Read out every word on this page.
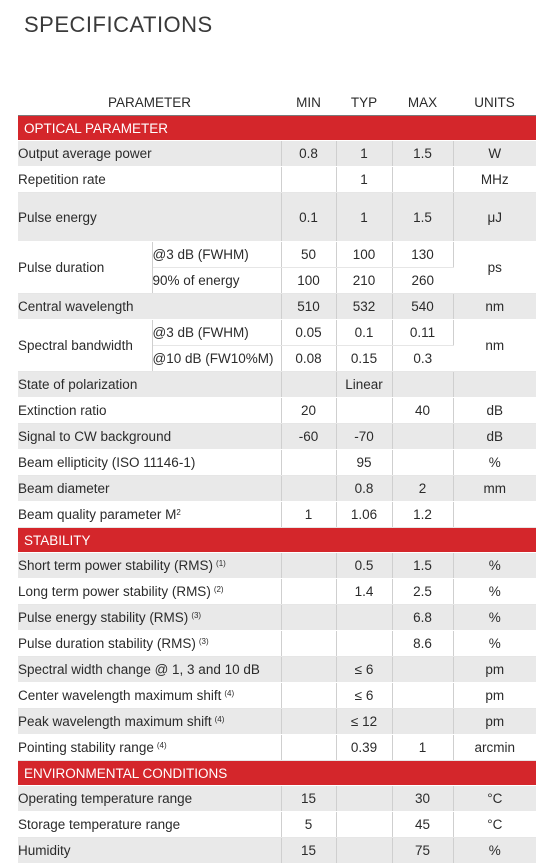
SPECIFICATIONS
PARAMETER		MIN	TYP	MAX	UNITS
OPTICAL PARAMETER					
Output average power		0.8	1	1.5	W
Repetition rate			1		MHz
Pulse energy		0.1	1	1.5	μJ
Pulse duration	@3 dB (FWHM)	50	100	130	ps
	90% of energy	100	210	260	
Central wavelength		510	532	540	nm
Spectral bandwidth	@3 dB (FWHM)	0.05	0.1	0.11	nm
	@10 dB (FW10%M)	0.08	0.15	0.3	
State of polarization			Linear		
Extinction ratio		20		40	dB
Signal to CW background		-60	-70		dB
Beam ellipticity (ISO 11146-1)			95		%
Beam diameter			0.8	2	mm
Beam quality parameter $M^2$		1	1.06	1.2	
STABILITY					
Short term power stability (RMS) $^{(1)}$			0.5	1.5	%
Long term power stability (RMS) $^{(2)}$			1.4	2.5	%
Pulse energy stability (RMS) $^{(3)}$				6.8	%
Pulse duration stability (RMS) $^{(3)}$				8.6	%
Spectral width change @ 1, 3 and 10 dB			≤ 6		pm
Center wavelength maximum shift $^{(4)}$			≤ 6		pm
Peak wavelength maximum shift $^{(4)}$			≤ 12		pm
Pointing stability range $^{(4)}$			0.39	1	arcmin
ENVIRONMENTAL CONDITIONS					
Operating temperature range		15		30	°C
Storage temperature range		5		45	°C
Humidity		15		75	%
